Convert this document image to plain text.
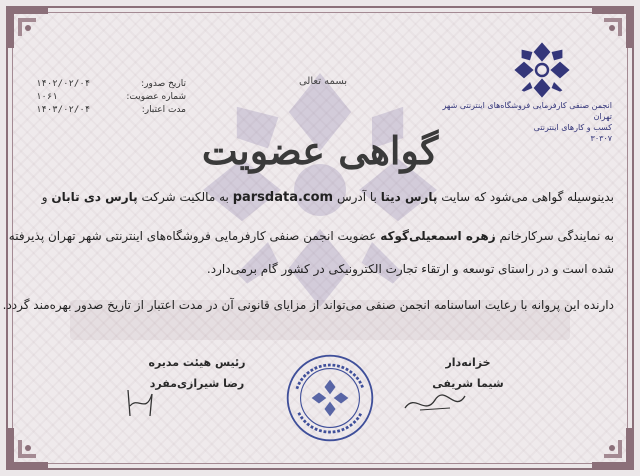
تاریخ صدور:
۱۴۰۲/۰۲/۰۴
شماره عضویت:
۱۰۶۱
مدت اعتبار:
۱۴۰۳/۰۲/۰۴
بسمه تعالی
انجمن صنفی کارفرمایی فروشگاه‌های اینترنتی شهر تهران
کسب و کارهای اینترنتی
۳۰۳۰۷
گواهی عضویت
بدینوسیله گواهی می‌شود که سایت پارس دیتا با آدرس parsdata.com به مالکیت شرکت پارس دی تابان و
به نمایندگی سرکارخانم زهره اسمعیلی‌گوکه عضویت انجمن صنفی کارفرمایی فروشگاه‌های اینترنتی شهر تهران پذیرفته
شده است و در راستای توسعه و ارتقاء تجارت الکترونیکی در کشور گام برمی‌دارد.
دارنده این پروانه با رعایت اساسنامه انجمن صنفی می‌تواند از مزایای قانونی آن در مدت اعتبار از تاریخ صدور بهره‌مند گردد.
خزانه‌دار
شیما شریفی
رئیس هیئت مدیره
رضا شیرازی‌مفرد
